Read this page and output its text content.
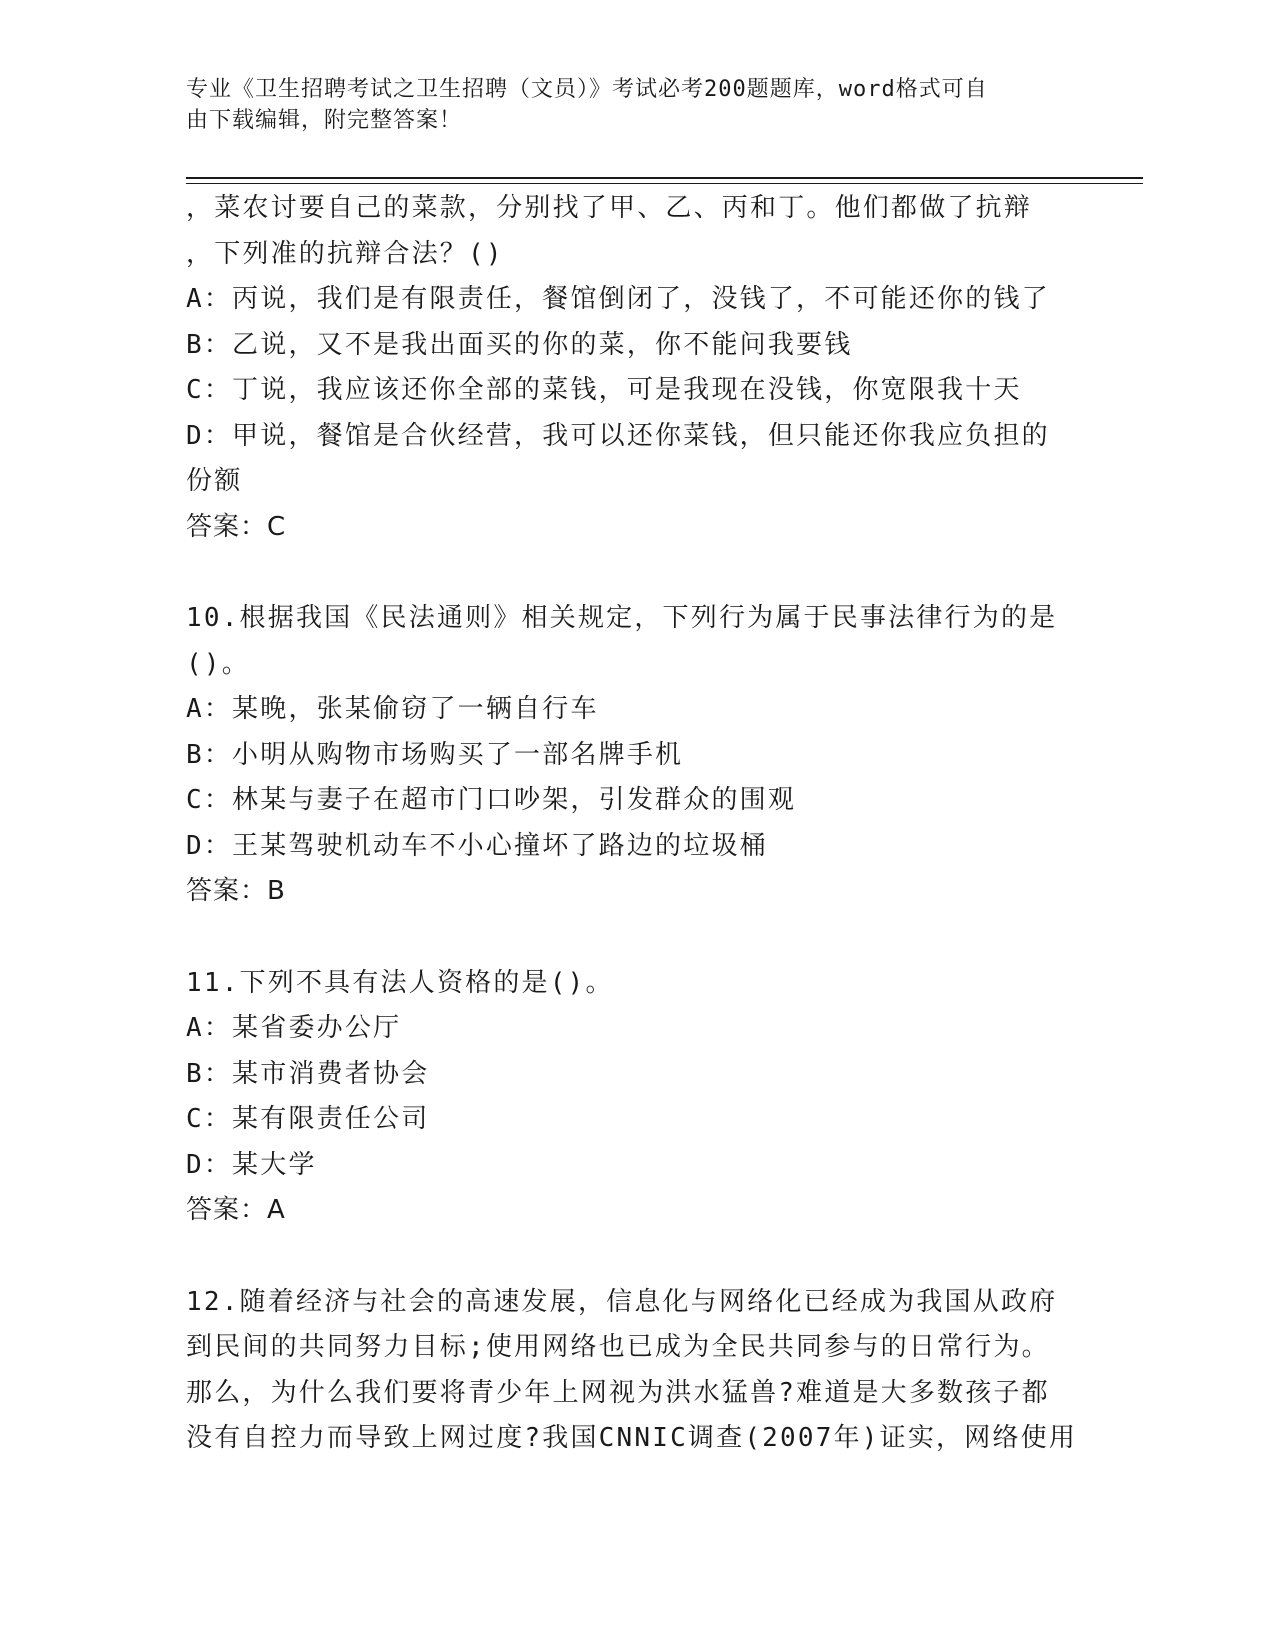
专业《卫生招聘考试之卫生招聘（文员）》考试必考200题题库，word格式可自
由下载编辑，附完整答案！
，菜农讨要自己的菜款，分别找了甲、乙、丙和丁。他们都做了抗辩
，下列准的抗辩合法？()
A：丙说，我们是有限责任，餐馆倒闭了，没钱了，不可能还你的钱了
B：乙说，又不是我出面买的你的菜，你不能问我要钱
C：丁说，我应该还你全部的菜钱，可是我现在没钱，你宽限我十天
D：甲说，餐馆是合伙经营，我可以还你菜钱，但只能还你我应负担的
份额
答案：C
10.根据我国《民法通则》相关规定，下列行为属于民事法律行为的是
()。
A：某晚，张某偷窃了一辆自行车
B：小明从购物市场购买了一部名牌手机
C：林某与妻子在超市门口吵架，引发群众的围观
D：王某驾驶机动车不小心撞坏了路边的垃圾桶
答案：B
11.下列不具有法人资格的是()。
A：某省委办公厅
B：某市消费者协会
C：某有限责任公司
D：某大学
答案：A
12.随着经济与社会的高速发展，信息化与网络化已经成为我国从政府
到民间的共同努力目标;使用网络也已成为全民共同参与的日常行为。
那么，为什么我们要将青少年上网视为洪水猛兽?难道是大多数孩子都
没有自控力而导致上网过度?我国CNNIC调查(2007年)证实，网络使用
